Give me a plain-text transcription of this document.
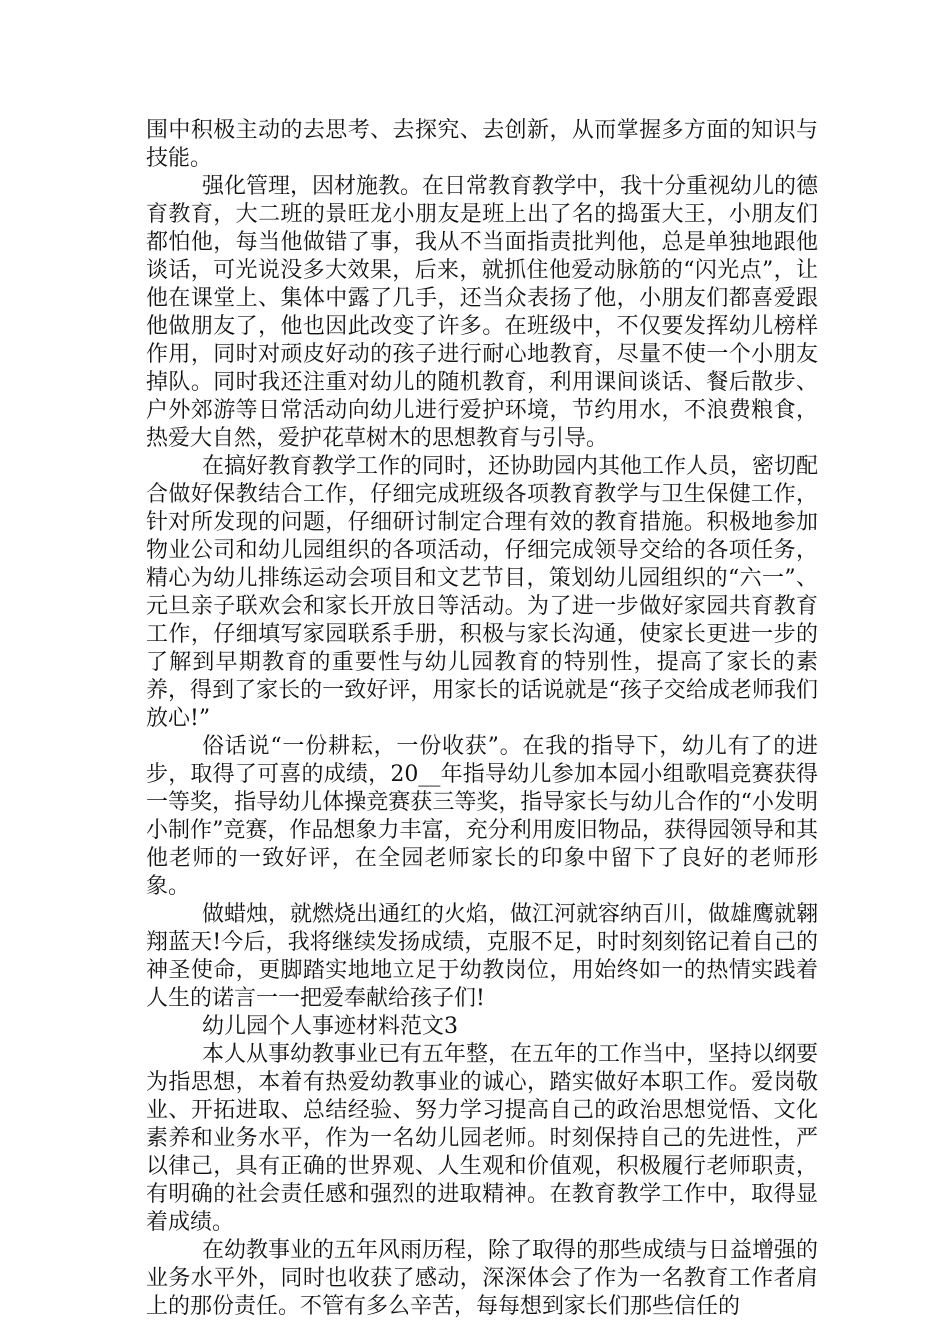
围中积极主动的去思考、去探究、去创新，从而掌握多方面的知识与技能。

强化管理，因材施教。在日常教育教学中，我十分重视幼儿的德育教育，大二班的景旺龙小朋友是班上出了名的捣蛋大王，小朋友们都怕他，每当他做错了事，我从不当面指责批判他，总是单独地跟他谈话，可光说没多大效果，后来，就抓住他爱动脉筋的“闪光点”，让他在课堂上、集体中露了几手，还当众表扬了他，小朋友们都喜爱跟他做朋友了，他也因此改变了许多。在班级中，不仅要发挥幼儿榜样作用，同时对顽皮好动的孩子进行耐心地教育，尽量不使一个小朋友掉队。同时我还注重对幼儿的随机教育，利用课间谈话、餐后散步、户外郊游等日常活动向幼儿进行爱护环境，节约用水，不浪费粮食，热爱大自然，爱护花草树木的思想教育与引导。

在搞好教育教学工作的同时，还协助园内其他工作人员，密切配合做好保教结合工作，仔细完成班级各项教育教学与卫生保健工作，针对所发现的问题，仔细研讨制定合理有效的教育措施。积极地参加物业公司和幼儿园组织的各项活动，仔细完成领导交给的各项任务，精心为幼儿排练运动会项目和文艺节目，策划幼儿园组织的“六一”、元旦亲子联欢会和家长开放日等活动。为了进一步做好家园共育教育工作，仔细填写家园联系手册，积极与家长沟通，使家长更进一步的了解到早期教育的重要性与幼儿园教育的特别性，提高了家长的素养，得到了家长的一致好评，用家长的话说就是“孩子交给成老师我们放心!”

俗话说“一份耕耘，一份收获”。在我的指导下，幼儿有了的进步，取得了可喜的成绩，20__年指导幼儿参加本园小组歌唱竞赛获得一等奖，指导幼儿体操竞赛获三等奖，指导家长与幼儿合作的“小发明小制作”竞赛，作品想象力丰富，充分利用废旧物品，获得园领导和其他老师的一致好评，在全园老师家长的印象中留下了良好的老师形象。

做蜡烛，就燃烧出通红的火焰，做江河就容纳百川，做雄鹰就翱翔蓝天!今后，我将继续发扬成绩，克服不足，时时刻刻铭记着自己的神圣使命，更脚踏实地地立足于幼教岗位，用始终如一的热情实践着人生的诺言一一把爱奉献给孩子们!

幼儿园个人事迹材料范文3

本人从事幼教事业已有五年整，在五年的工作当中，坚持以纲要为指思想，本着有热爱幼教事业的诚心，踏实做好本职工作。爱岗敬业、开拓进取、总结经验、努力学习提高自己的政治思想觉悟、文化素养和业务水平，作为一名幼儿园老师。时刻保持自己的先进性，严以律己，具有正确的世界观、人生观和价值观，积极履行老师职责，有明确的社会责任感和强烈的进取精神。在教育教学工作中，取得显着成绩。

在幼教事业的五年风雨历程，除了取得的那些成绩与日益增强的业务水平外，同时也收获了感动，深深体会了作为一名教育工作者肩上的那份责任。不管有多么辛苦，每每想到家长们那些信任的
